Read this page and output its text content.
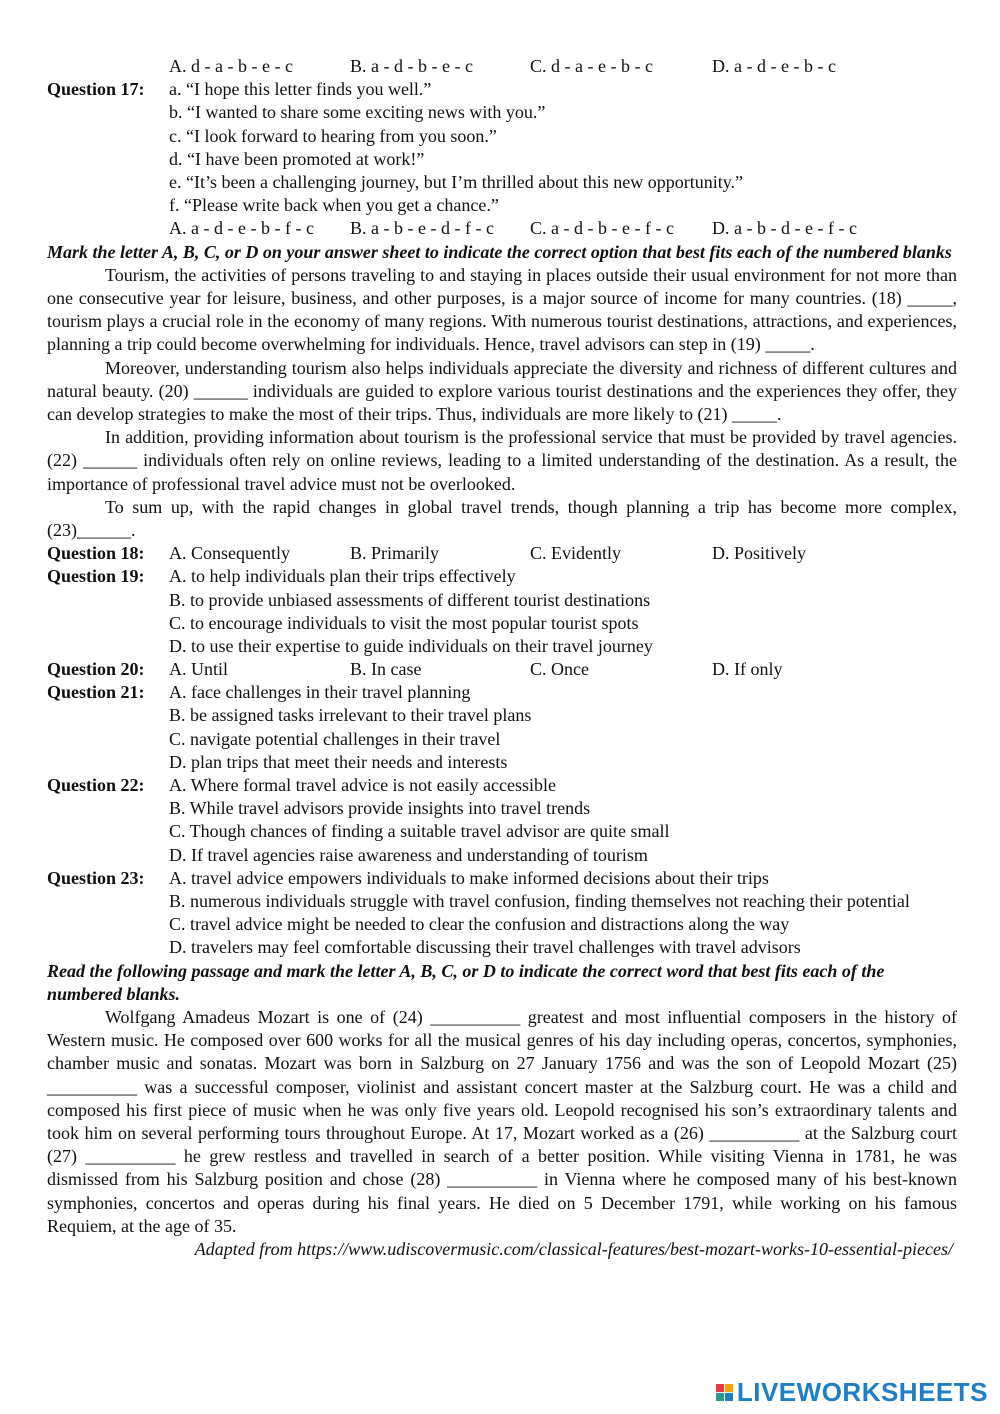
A. d - a - b - e - c	B. a - d - b - e - c	C. d - a - e - b - c	D. a - d - e - b - c
Question 17: a. “I hope this letter finds you well.”
b. “I wanted to share some exciting news with you.”
c. “I look forward to hearing from you soon.”
d. “I have been promoted at work!”
e. “It’s been a challenging journey, but I’m thrilled about this new opportunity.”
f. “Please write back when you get a chance.”
A. a - d - e - b - f - c B. a - b - e - d - f - c C. a - d - b - e - f - c D. a - b - d - e - f - c
Mark the letter A, B, C, or D on your answer sheet to indicate the correct option that best fits each of the numbered blanks

Tourism, the activities of persons traveling to and staying in places outside their usual environment for not more than one consecutive year for leisure, business, and other purposes, is a major source of income for many countries. (18) _____, tourism plays a crucial role in the economy of many regions. With numerous tourist destinations, attractions, and experiences, planning a trip could become overwhelming for individuals. Hence, travel advisors can step in (19) _____.

Moreover, understanding tourism also helps individuals appreciate the diversity and richness of different cultures and natural beauty. (20) ______ individuals are guided to explore various tourist destinations and the experiences they offer, they can develop strategies to make the most of their trips. Thus, individuals are more likely to (21) _____.

In addition, providing information about tourism is the professional service that must be provided by travel agencies. (22) ______ individuals often rely on online reviews, leading to a limited understanding of the destination. As a result, the importance of professional travel advice must not be overlooked.

To sum up, with the rapid changes in global travel trends, though planning a trip has become more complex, (23)______.

Question 18: A. Consequently	B. Primarily	C. Evidently	D. Positively
Question 19: A. to help individuals plan their trips effectively
B. to provide unbiased assessments of different tourist destinations
C. to encourage individuals to visit the most popular tourist spots
D. to use their expertise to guide individuals on their travel journey
Question 20: A. Until	B. In case	C. Once	D. If only
Question 21: A. face challenges in their travel planning
B. be assigned tasks irrelevant to their travel plans
C. navigate potential challenges in their travel
D. plan trips that meet their needs and interests
Question 22: A. Where formal travel advice is not easily accessible
B. While travel advisors provide insights into travel trends
C. Though chances of finding a suitable travel advisor are quite small
D. If travel agencies raise awareness and understanding of tourism
Question 23: A. travel advice empowers individuals to make informed decisions about their trips
B. numerous individuals struggle with travel confusion, finding themselves not reaching their potential
C. travel advice might be needed to clear the confusion and distractions along the way
D. travelers may feel comfortable discussing their travel challenges with travel advisors
Read the following passage and mark the letter A, B, C, or D to indicate the correct word that best fits each of the numbered blanks.

Wolfgang Amadeus Mozart is one of (24) __________ greatest and most influential composers in the history of Western music. He composed over 600 works for all the musical genres of his day including operas, concertos, symphonies, chamber music and sonatas. Mozart was born in Salzburg on 27 January 1756 and was the son of Leopold Mozart (25) __________ was a successful composer, violinist and assistant concert master at the Salzburg court. He was a child and composed his first piece of music when he was only five years old. Leopold recognised his son’s extraordinary talents and took him on several performing tours throughout Europe. At 17, Mozart worked as a (26) __________ at the Salzburg court (27) __________ he grew restless and travelled in search of a better position. While visiting Vienna in 1781, he was dismissed from his Salzburg position and chose (28) __________ in Vienna where he composed many of his best-known symphonies, concertos and operas during his final years. He died on 5 December 1791, while working on his famous Requiem, at the age of 35.

Adapted from https://www.udiscovermusic.com/classical-features/best-mozart-works-10-essential-pieces/
LIVEWORKSHEETS
